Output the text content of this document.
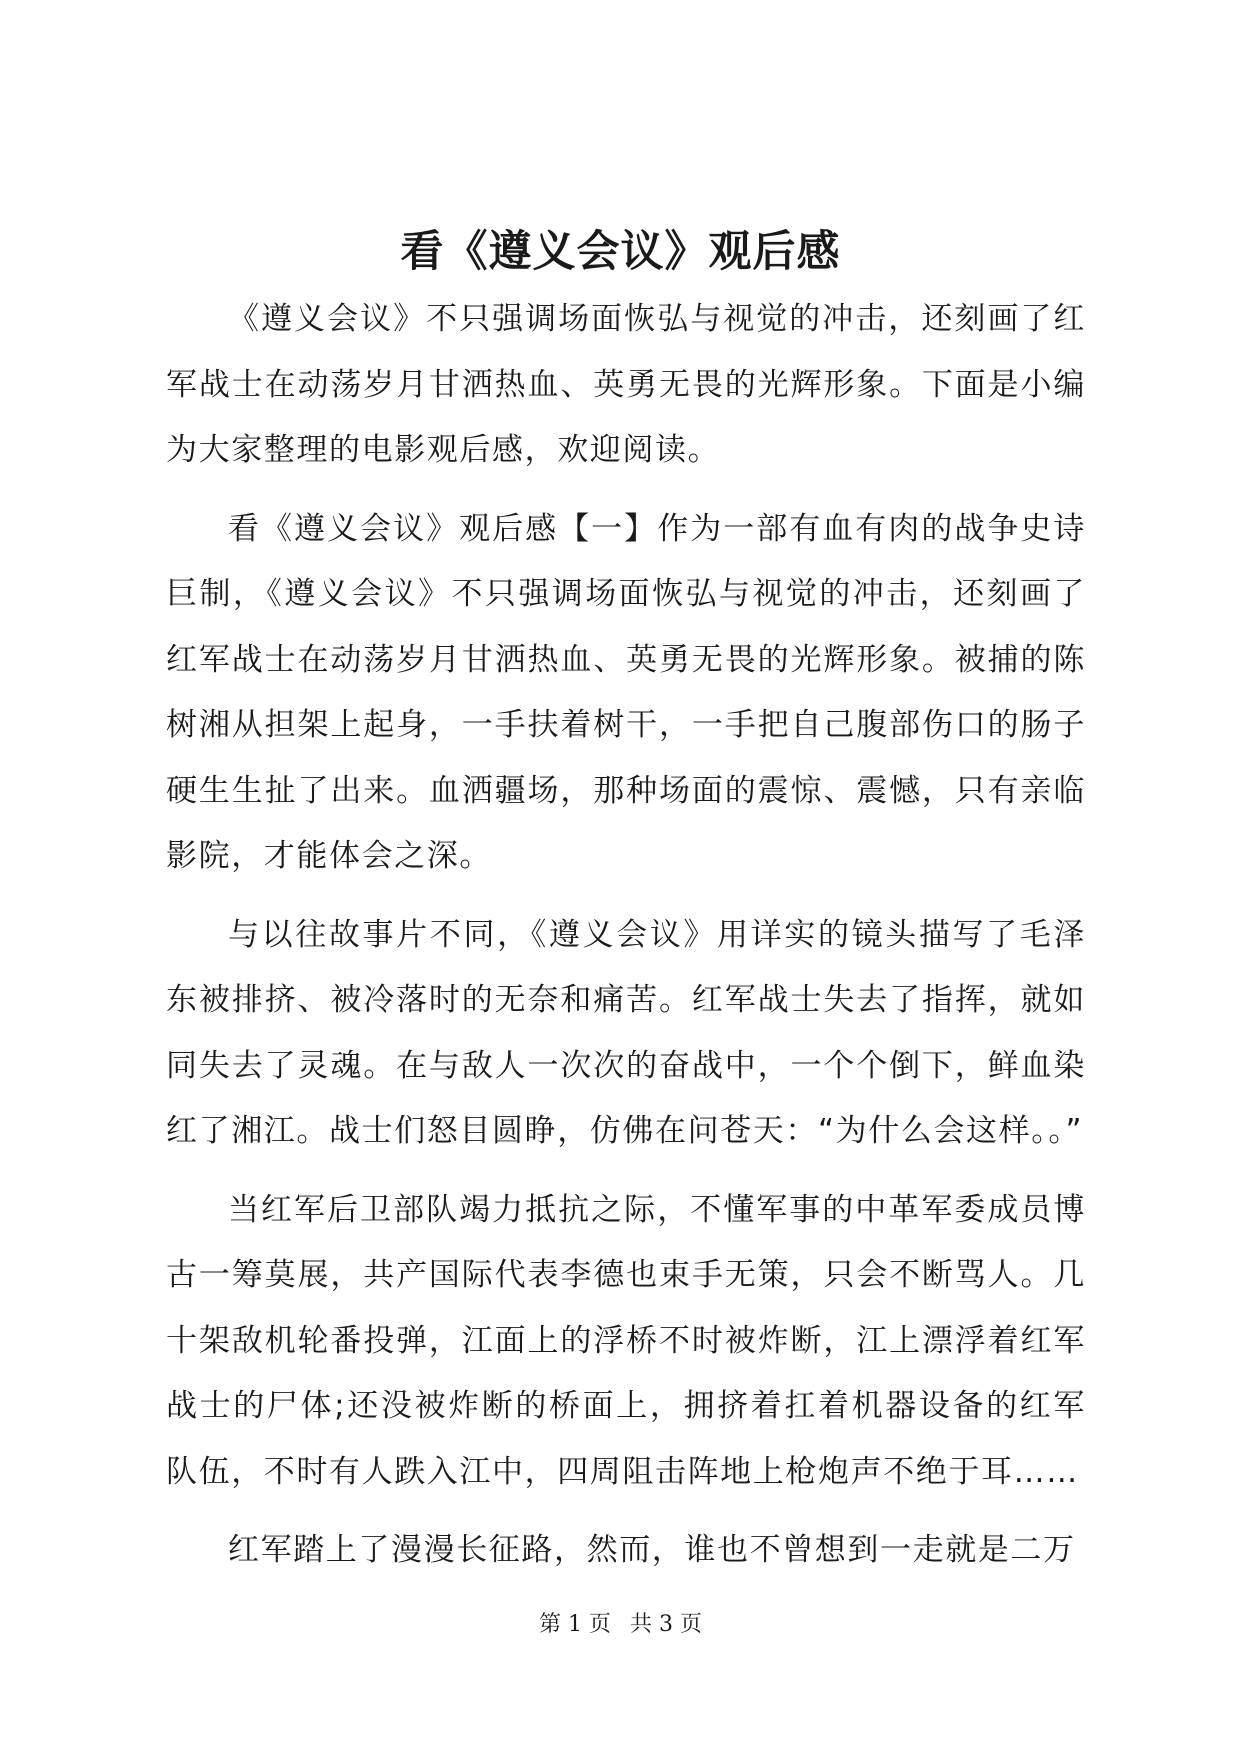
看《遵义会议》观后感

《遵义会议》不只强调场面恢弘与视觉的冲击，还刻画了红军战士在动荡岁月甘洒热血、英勇无畏的光辉形象。下面是小编为大家整理的电影观后感，欢迎阅读。

看《遵义会议》观后感【一】作为一部有血有肉的战争史诗巨制，《遵义会议》不只强调场面恢弘与视觉的冲击，还刻画了红军战士在动荡岁月甘洒热血、英勇无畏的光辉形象。被捕的陈树湘从担架上起身，一手扶着树干，一手把自己腹部伤口的肠子硬生生扯了出来。血洒疆场，那种场面的震惊、震憾，只有亲临影院，才能体会之深。

与以往故事片不同，《遵义会议》用详实的镜头描写了毛泽东被排挤、被冷落时的无奈和痛苦。红军战士失去了指挥，就如同失去了灵魂。在与敌人一次次的奋战中，一个个倒下，鲜血染红了湘江。战士们怒目圆睁，仿佛在问苍天：“为什么会这样。。”

当红军后卫部队竭力抵抗之际，不懂军事的中革军委成员博古一筹莫展，共产国际代表李德也束手无策，只会不断骂人。几十架敌机轮番投弹，江面上的浮桥不时被炸断，江上漂浮着红军战士的尸体;还没被炸断的桥面上，拥挤着扛着机器设备的红军队伍，不时有人跌入江中，四周阻击阵地上枪炮声不绝于耳……

红军踏上了漫漫长征路，然而，谁也不曾想到一走就是二万

第 1 页 共 3 页
